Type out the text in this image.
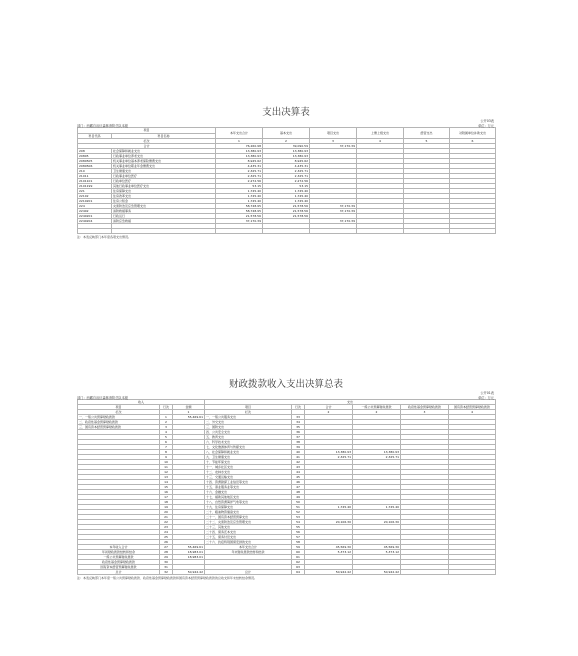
支出决算表
公开03表
部门：西藏自治区森林消防总队本级	单位：万元
项目		本年支出合计	基本支出	项目支出	上缴上级支出	经营支出	对附属单位补助支出
科目代码	科目名称						
栏次		1	2	3	4	5	6
合计		76,260.98	39,090.59	37,170.39			
208	社会保障和就业支出	13,380.93	13,380.93				
20805	行政事业单位养老支出	13,380.93	13,380.93				
2080505	机关事业单位基本养老保险缴费支出	8,945.62	8,945.62				
2080506	机关事业单位职业年金缴费支出	4,435.31	4,435.31				
210	卫生健康支出	2,325.71	2,325.71				
21011	行政事业单位医疗	2,325.71	2,325.71				
2101101	行政单位医疗	2,272.56	2,272.56				
2101199	其他行政事业单位医疗支出	53.15	53.15				
221	住房保障支出	1,745.40	1,745.40				
22102	住房改革支出	1,745.40	1,745.40				
2210201	住房公积金	1,745.40	1,745.40				
224	灾害防治及应急管理支出	58,748.95	21,578.56	37,170.39			
22402	消防救援事务	58,748.95	21,578.56	37,170.39			
2240201	行政运行	21,578.56	21,578.56				
2240204	消防应急救援	37,170.39		37,170.39			

注：本表反映部门本年度各项支出情况。
财政拨款收入支出决算总表
公开01表
部门：西藏自治区森林消防总队本级	单位：万元
收入			支出					
项目	行次	金额	项目	行次	合计	一般公共预算财政拨款	政府性基金预算财政拨款	国有资本经营预算财政拨款
栏次		1	栏次		2	2	3	4
一、一般公共预算财政拨款	1	55,469.61	一、一般公共服务支出	33				
二、政府性基金预算财政拨款	2		二、外交支出	34				
三、国有资本经营预算财政拨款	3		三、国防支出	35				
	4		四、公共安全支出	36				
	5		五、教育支出	37				
	6		六、科学技术支出	38				
	7		七、文化旅游体育与传媒支出	39				
	8		八、社会保障和就业支出	40	13,380.93	13,380.93		
	9		九、卫生健康支出	41	2,325.71	2,325.71		
	10		十、节能环保支出	42				
	11		十一、城乡社区支出	43				
	12		十二、农林水支出	44				
	13		十三、交通运输支出	45				
	14		十四、资源勘探工业信息等支出	46				
	15		十五、商业服务业等支出	47				
	16		十六、金融支出	48				
	17		十七、援助其他地区支出	49				
	18		十八、自然资源海洋气象等支出	50				
	19		十九、住房保障支出	51	1,745.40	1,745.40		
	20		二十、粮油物资储备支出	52				
	21		二十一、国有资本经营预算支出	53				
	22		二十二、灾害防治及应急管理支出	54	20,106.30	20,106.30		
	23		二十三、其他支出	55				
	24		二十四、债务还本支出	56				
	25		二十五、债务付息支出	57				
	26		二十六、抗疫特别国债安排的支出	58				
本年收入合计	27	55,469.61	本年支出合计	59	45,569.30	45,569.30		
年初财政拨款结转和结余	28	18,983.01	年末财政拨款结转和结余	60	5,373.12	5,373.12		
一般公共预算财政拨款	29	18,983.01		61				
政府性基金预算财政拨款	30			62				
国有资本经营预算财政拨款	31			63				
总计	32	50,942.42	总计	64	50,942.42	50,942.42		
注：本表反映部门本年度一般公共预算财政拨款、政府性基金预算财政拨款和国有资本经营预算财政拨款的总收支和年末结转结余情况。
